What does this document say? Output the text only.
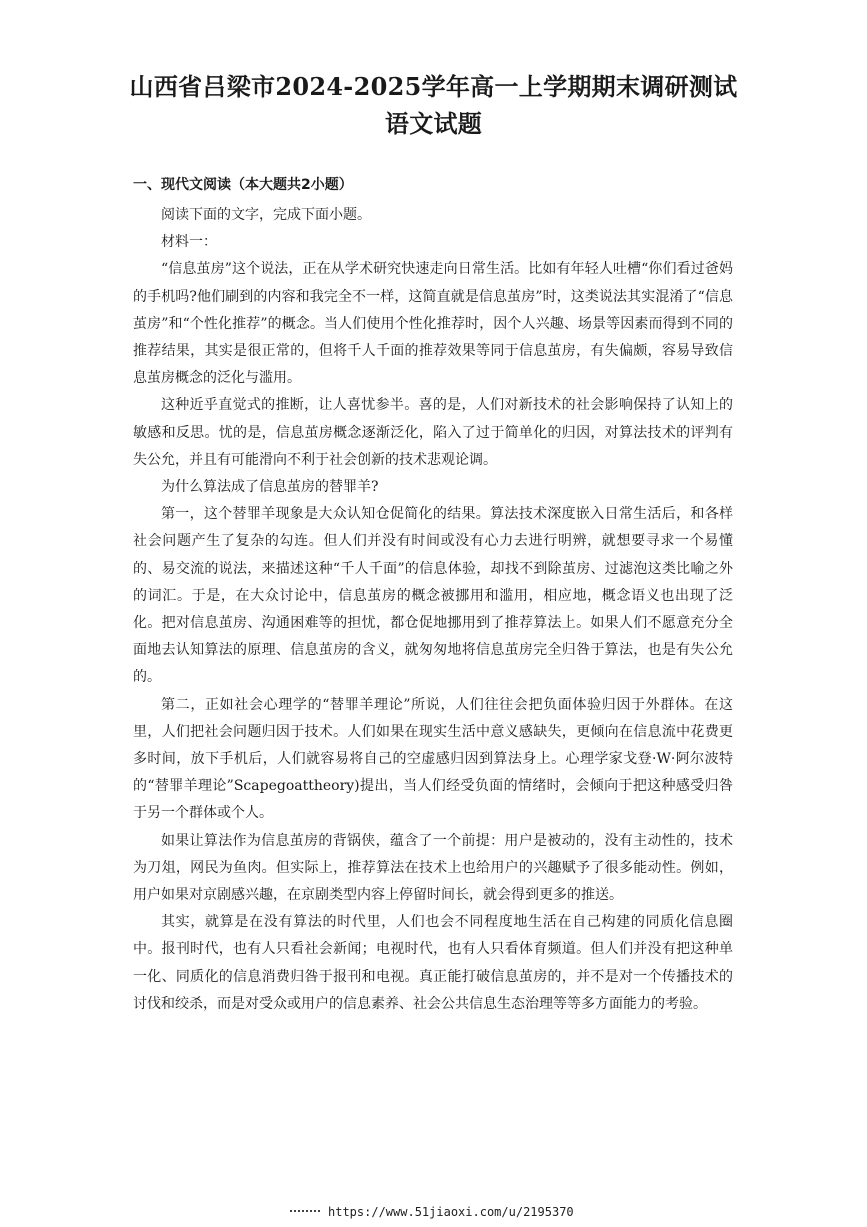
山西省吕梁市2024-2025学年高一上学期期末调研测试语文试题
一、现代文阅读（本大题共2小题）

阅读下面的文字，完成下面小题。

材料一：

“信息茧房”这个说法，正在从学术研究快速走向日常生活。比如有年轻人吐槽“你们看过爸妈的手机吗?他们刷到的内容和我完全不一样，这简直就是信息茧房”时，这类说法其实混淆了“信息茧房”和“个性化推荐”的概念。当人们使用个性化推荐时，因个人兴趣、场景等因素而得到不同的推荐结果，其实是很正常的，但将千人千面的推荐效果等同于信息茧房，有失偏颇，容易导致信息茧房概念的泛化与滥用。

这种近乎直觉式的推断，让人喜忧参半。喜的是，人们对新技术的社会影响保持了认知上的敏感和反思。忧的是，信息茧房概念逐渐泛化，陷入了过于简单化的归因，对算法技术的评判有失公允，并且有可能滑向不利于社会创新的技术悲观论调。

为什么算法成了信息茧房的替罪羊?

第一，这个替罪羊现象是大众认知仓促简化的结果。算法技术深度嵌入日常生活后，和各样社会问题产生了复杂的勾连。但人们并没有时间或没有心力去进行明辨，就想要寻求一个易懂的、易交流的说法，来描述这种“千人千面”的信息体验，却找不到除茧房、过滤泡这类比喻之外的词汇。于是，在大众讨论中，信息茧房的概念被挪用和滥用，相应地，概念语义也出现了泛化。把对信息茧房、沟通困难等的担忧，都仓促地挪用到了推荐算法上。如果人们不愿意充分全面地去认知算法的原理、信息茧房的含义，就匆匆地将信息茧房完全归咎于算法，也是有失公允的。

第二，正如社会心理学的“替罪羊理论”所说，人们往往会把负面体验归因于外群体。在这里，人们把社会问题归因于技术。人们如果在现实生活中意义感缺失，更倾向在信息流中花费更多时间，放下手机后，人们就容易将自己的空虚感归因到算法身上。心理学家戈登·W·阿尔波特的“替罪羊理论”Scapegoattheory)提出，当人们经受负面的情绪时，会倾向于把这种感受归咎于另一个群体或个人。

如果让算法作为信息茧房的背锅侠，蕴含了一个前提：用户是被动的，没有主动性的，技术为刀俎，网民为鱼肉。但实际上，推荐算法在技术上也给用户的兴趣赋予了很多能动性。例如，用户如果对京剧感兴趣，在京剧类型内容上停留时间长，就会得到更多的推送。

其实，就算是在没有算法的时代里，人们也会不同程度地生活在自己构建的同质化信息圈中。报刊时代，也有人只看社会新闻；电视时代，也有人只看体育频道。但人们并没有把这种单一化、同质化的信息消费归咎于报刊和电视。真正能打破信息茧房的，并不是对一个传播技术的讨伐和绞杀，而是对受众或用户的信息素养、社会公共信息生态治理等等多方面能力的考验。

https://www.51jiaoxi.com/u/2195370
